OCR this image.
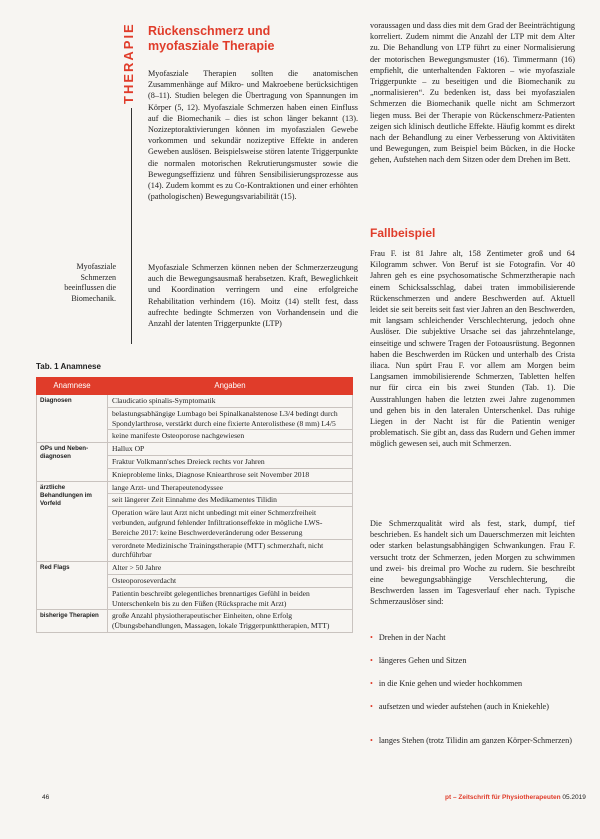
THERAPIE Rückenschmerz und
myofasziale Therapie
Myofasziale Therapien sollten die anatomischen Zusammenhänge auf Mikro- und Makroebene berücksichtigen (8–11). Studien belegen die Übertragung von Spannungen im Körper (5, 12). Myofasziale Schmerzen haben einen Einfluss auf die Biomechanik – dies ist schon länger bekannt (13). Nozizeptoraktivierungen können im myofaszialen Gewebe vorkommen und sekundär nozizeptive Effekte in anderen Geweben auslösen. Beispielsweise stören latente Triggerpunkte die normalen motorischen Rekrutierungsmuster sowie die Bewegungseffizienz und führen Sensibilisierungsprozesse aus (14). Zudem kommt es zu Co-Kontraktionen und einer erhöhten (pathologischen) Bewegungsvariabilität (15).
Myofasziale Schmerzen beeinflussen die Biomechanik.
Myofasziale Schmerzen können neben der Schmerzerzeugung auch die Bewegungsausmaß herabsetzen. Kraft, Beweglichkeit und Koordination verringern und eine erfolgreiche Rehabilitation verhindern (16). Moitz (14) stellt fest, dass aufrechte bedingte Schmerzen von Vorhandensein und die Anzahl der latenten Triggerpunkte (LTP)
Tab. 1 Anamnese
Anamnese	Angaben
Diagnosen	Claudicatio spinalis-Symptomatik
	belastungsabhängige Lumbago bei Spinalkanalstenose L3/4 bedingt durch Spondylarthrose, verstärkt durch eine fixierte Anterolisthese (8 mm) L4/5
	keine manifeste Osteoporose nachgewiesen
OPs und Neben-diagnosen	Hallux OP
	Fraktur Volkmann'sches Dreieck rechts vor Jahren
	Knieprobleme links, Diagnose Kniearthrose seit November 2018
ärztliche Behandlungen im Vorfeld	lange Arzt- und Therapeutenodyssee
	seit längerer Zeit Einnahme des Medikamentes Tilidin
	Operation wäre laut Arzt nicht unbedingt mit einer Schmerzfreiheit verbunden, aufgrund fehlender Infiltrationseffekte in mögliche LWS-Bereiche 2017: keine Beschwerdeveränderung oder Besserung
	verordnete Medizinische Trainingstherapie (MTT) schmerzhaft, nicht durchführbar
Red Flags	Alter > 50 Jahre
	Osteoporoseverdacht
	Patientin beschreibt gelegentliches brennartiges Gefühl in beiden Unterschenkeln bis zu den Füßen (Rücksprache mit Arzt)
bisherige Therapien	große Anzahl physiotherapeutischer Einheiten, ohne Erfolg (Übungsbehandlungen, Massagen, lokale Triggerpunkttherapien, MTT)
voraussagen und dass dies mit dem Grad der Beeinträchtigung korreliert. Zudem nimmt die Anzahl der LTP mit dem Alter zu. Die Behandlung von LTP führt zu einer Normalisierung der motorischen Bewegungsmuster (16). Timmermann (16) empfiehlt, die unterhaltenden Faktoren – wie myofasziale Triggerpunkte – zu beseitigen und die Biomechanik zu „normalisieren“. Zu bedenken ist, dass bei myofaszialen Schmerzen die Biomechanik quelle nicht am Schmerzort liegen muss. Bei der Therapie von Rückenschmerz-Patienten zeigen sich klinisch deutliche Effekte. Häufig kommt es direkt nach der Behandlung zu einer Verbesserung von Aktivitäten und Bewegungen, zum Beispiel beim Bücken, in die Hocke gehen, Aufstehen nach dem Sitzen oder dem Drehen im Bett.
Fallbeispiel
Frau F. ist 81 Jahre alt, 158 Zentimeter groß und 64 Kilogramm schwer. Von Beruf ist sie Fotografin. Vor 40 Jahren geh es eine psychosomatische Schmerztherapie nach einem Schicksalsschlag, dabei traten immobilisierende Rückenschmerzen und andere Beschwerden auf. Aktuell leidet sie seit bereits seit fast vier Jahren an den Beschwerden, mit langsam schleichender Verschlechterung, jedoch ohne Auslöser. Die subjektive Ursache sei das jahrzehntelange, einseitige und schwere Tragen der Fotoausrüstung. Begonnen haben die Beschwerden im Rücken und unterhalb des Crista iliaca. Nun spürt Frau F. vor allem am Morgen beim Langsamen immobilisierende Schmerzen, Tabletten helfen nur für circa ein bis zwei Stunden (Tab. 1). Die Ausstrahlungen haben die letzten zwei Jahre zugenommen und gehen bis in den lateralen Unterschenkel. Das ruhige Liegen in der Nacht ist für die Patientin weniger problematisch. Sie gibt an, dass das Rudern und Gehen immer möglich gewesen sei, auch mit Schmerzen.
Die Schmerzqualität wird als fest, stark, dumpf, tief beschrieben. Es handelt sich um Dauerschmerzen mit leichten oder starken belastungsabhängigen Schwankungen. Frau F. versucht trotz der Schmerzen, jeden Morgen zu schwimmen und zwei- bis dreimal pro Woche zu rudern. Sie beschreibt eine bewegungsabhängige Verschlechterung, die Beschwerden lassen im Tagesverlauf eher nach. Typische Schmerzauslöser sind:
• Drehen in der Nacht
• längeres Gehen und Sitzen
• in die Knie gehen und wieder hochkommen
• aufsetzen und wieder aufstehen (auch in Kniekehle)
• langes Stehen (trotz Tilidin am ganzen Körper-Schmerzen)
46	pt – Zeitschrift für Physiotherapeuten 05.2019
